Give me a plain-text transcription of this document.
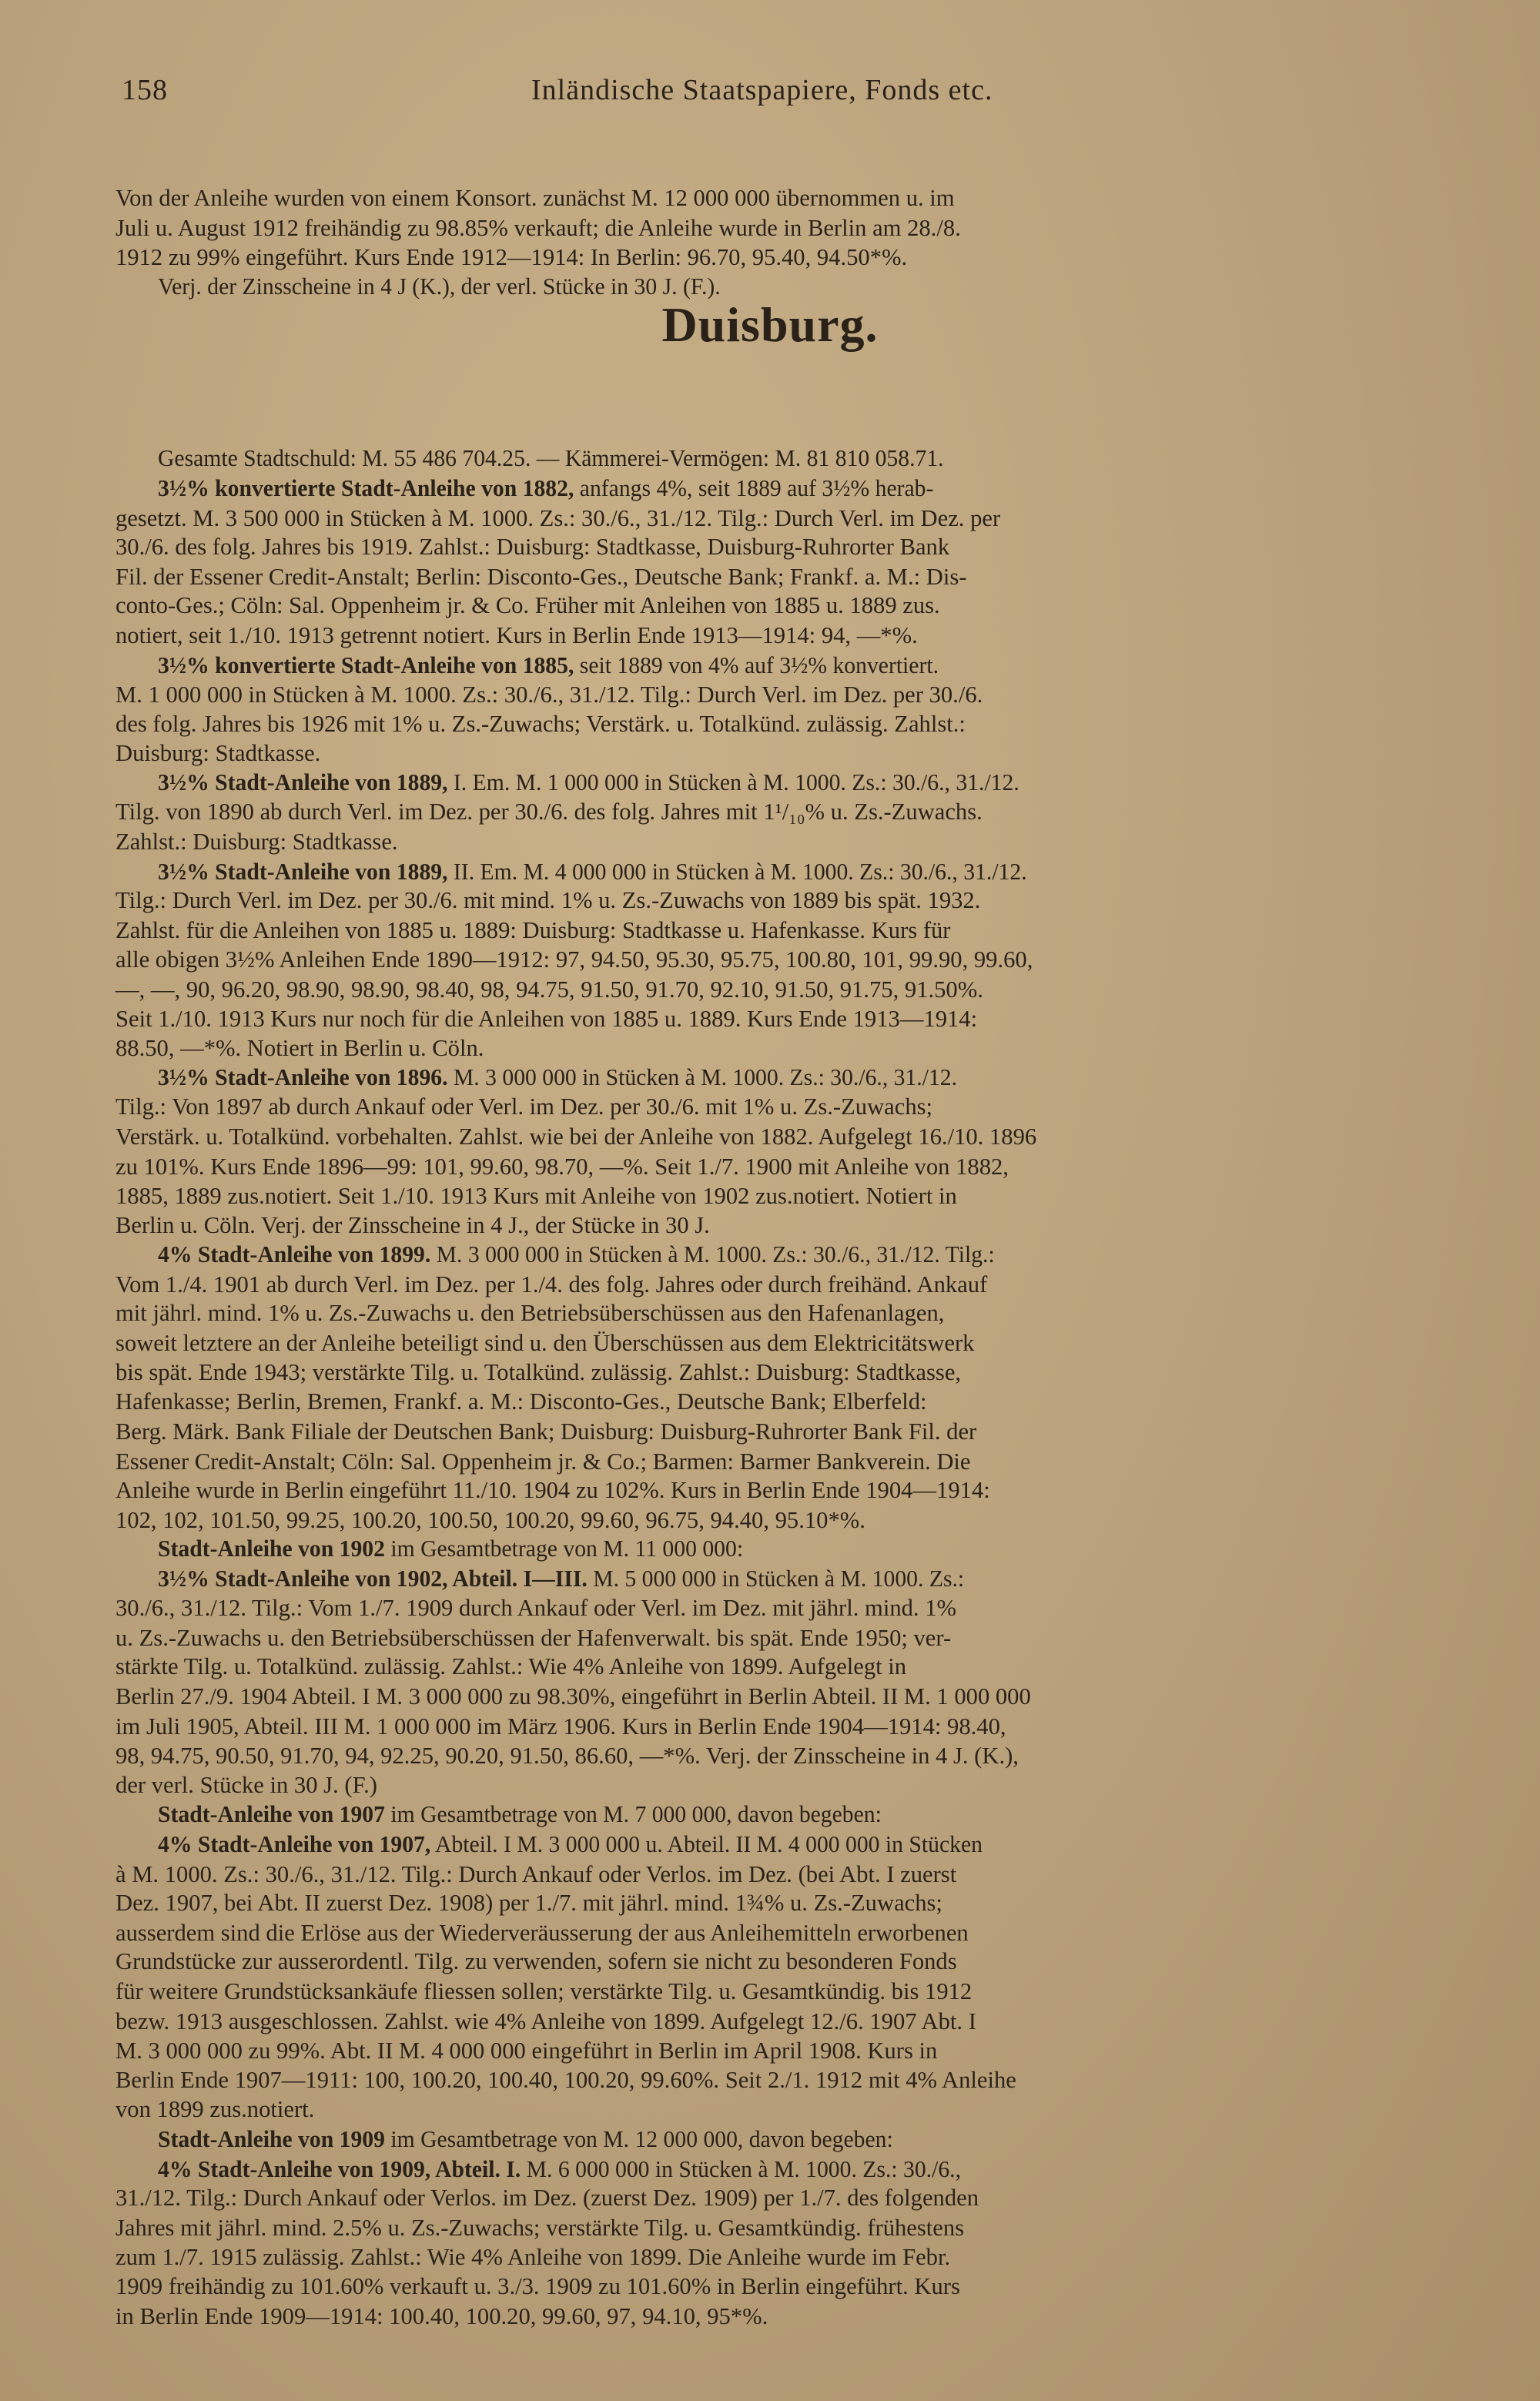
158	Inländische Staatspapiere, Fonds etc.
Duisburg.
Von der Anleihe wurden von einem Konsort. zunächst M. 12 000 000 übernommen u. im
Juli u. August 1912 freihändig zu 98.85% verkauft; die Anleihe wurde in Berlin am 28./8.
1912 zu 99% eingeführt. Kurs Ende 1912—1914: In Berlin: 96.70, 95.40, 94.50*%.
Verj. der Zinsscheine in 4 J (K.), der verl. Stücke in 30 J. (F.).
Gesamte Stadtschuld: M. 55 486 704.25. — Kämmerei-Vermögen: M. 81 810 058.71.
3½% konvertierte Stadt-Anleihe von 1882, anfangs 4%, seit 1889 auf 3½% herab-
gesetzt. M. 3 500 000 in Stücken à M. 1000. Zs.: 30./6., 31./12. Tilg.: Durch Verl. im Dez. per
30./6. des folg. Jahres bis 1919. Zahlst.: Duisburg: Stadtkasse, Duisburg-Ruhrorter Bank
Fil. der Essener Credit-Anstalt; Berlin: Disconto-Ges., Deutsche Bank; Frankf. a. M.: Dis-
conto-Ges.; Cöln: Sal. Oppenheim jr. & Co. Früher mit Anleihen von 1885 u. 1889 zus.
notiert, seit 1./10. 1913 getrennt notiert. Kurs in Berlin Ende 1913—1914: 94, —*%.
3½% konvertierte Stadt-Anleihe von 1885, seit 1889 von 4% auf 3½% konvertiert.
M. 1 000 000 in Stücken à M. 1000. Zs.: 30./6., 31./12. Tilg.: Durch Verl. im Dez. per 30./6.
des folg. Jahres bis 1926 mit 1% u. Zs.-Zuwachs; Verstärk. u. Totalkünd. zulässig. Zahlst.:
Duisburg: Stadtkasse.
3½% Stadt-Anleihe von 1889, I. Em. M. 1 000 000 in Stücken à M. 1000. Zs.: 30./6., 31./12.
Tilg. von 1890 ab durch Verl. im Dez. per 30./6. des folg. Jahres mit 1¹/₁₀% u. Zs.-Zuwachs.
Zahlst.: Duisburg: Stadtkasse.
3½% Stadt-Anleihe von 1889, II. Em. M. 4 000 000 in Stücken à M. 1000. Zs.: 30./6., 31./12.
Tilg.: Durch Verl. im Dez. per 30./6. mit mind. 1% u. Zs.-Zuwachs von 1889 bis spät. 1932.
Zahlst. für die Anleihen von 1885 u. 1889: Duisburg: Stadtkasse u. Hafenkasse. Kurs für
alle obigen 3½% Anleihen Ende 1890—1912: 97, 94.50, 95.30, 95.75, 100.80, 101, 99.90, 99.60,
—, —, 90, 96.20, 98.90, 98.90, 98.40, 98, 94.75, 91.50, 91.70, 92.10, 91.50, 91.75, 91.50%.
Seit 1./10. 1913 Kurs nur noch für die Anleihen von 1885 u. 1889. Kurs Ende 1913—1914:
88.50, —*%. Notiert in Berlin u. Cöln.
3½% Stadt-Anleihe von 1896. M. 3 000 000 in Stücken à M. 1000. Zs.: 30./6., 31./12.
Tilg.: Von 1897 ab durch Ankauf oder Verl. im Dez. per 30./6. mit 1% u. Zs.-Zuwachs;
Verstärk. u. Totalkünd. vorbehalten. Zahlst. wie bei der Anleihe von 1882. Aufgelegt 16./10. 1896
zu 101%. Kurs Ende 1896—99: 101, 99.60, 98.70, —%. Seit 1./7. 1900 mit Anleihe von 1882,
1885, 1889 zus.notiert. Seit 1./10. 1913 Kurs mit Anleihe von 1902 zus.notiert. Notiert in
Berlin u. Cöln. Verj. der Zinsscheine in 4 J., der Stücke in 30 J.
4% Stadt-Anleihe von 1899. M. 3 000 000 in Stücken à M. 1000. Zs.: 30./6., 31./12. Tilg.:
Vom 1./4. 1901 ab durch Verl. im Dez. per 1./4. des folg. Jahres oder durch freihänd. Ankauf
mit jährl. mind. 1% u. Zs.-Zuwachs u. den Betriebsüberschüssen aus den Hafenanlagen,
soweit letztere an der Anleihe beteiligt sind u. den Überschüssen aus dem Elektricitätswerk
bis spät. Ende 1943; verstärkte Tilg. u. Totalkünd. zulässig. Zahlst.: Duisburg: Stadtkasse,
Hafenkasse; Berlin, Bremen, Frankf. a. M.: Disconto-Ges., Deutsche Bank; Elberfeld:
Berg. Märk. Bank Filiale der Deutschen Bank; Duisburg: Duisburg-Ruhrorter Bank Fil. der
Essener Credit-Anstalt; Cöln: Sal. Oppenheim jr. & Co.; Barmen: Barmer Bankverein. Die
Anleihe wurde in Berlin eingeführt 11./10. 1904 zu 102%. Kurs in Berlin Ende 1904—1914:
102, 102, 101.50, 99.25, 100.20, 100.50, 100.20, 99.60, 96.75, 94.40, 95.10*%.
Stadt-Anleihe von 1902 im Gesamtbetrage von M. 11 000 000:
3½% Stadt-Anleihe von 1902, Abteil. I—III. M. 5 000 000 in Stücken à M. 1000. Zs.:
30./6., 31./12. Tilg.: Vom 1./7. 1909 durch Ankauf oder Verl. im Dez. mit jährl. mind. 1%
u. Zs.-Zuwachs u. den Betriebsüberschüssen der Hafenverwalt. bis spät. Ende 1950; ver-
stärkte Tilg. u. Totalkünd. zulässig. Zahlst.: Wie 4% Anleihe von 1899. Aufgelegt in
Berlin 27./9. 1904 Abteil. I M. 3 000 000 zu 98.30%, eingeführt in Berlin Abteil. II M. 1 000 000
im Juli 1905, Abteil. III M. 1 000 000 im März 1906. Kurs in Berlin Ende 1904—1914: 98.40,
98, 94.75, 90.50, 91.70, 94, 92.25, 90.20, 91.50, 86.60, —*%. Verj. der Zinsscheine in 4 J. (K.),
der verl. Stücke in 30 J. (F.)
Stadt-Anleihe von 1907 im Gesamtbetrage von M. 7 000 000, davon begeben:
4% Stadt-Anleihe von 1907, Abteil. I M. 3 000 000 u. Abteil. II M. 4 000 000 in Stücken
à M. 1000. Zs.: 30./6., 31./12. Tilg.: Durch Ankauf oder Verlos. im Dez. (bei Abt. I zuerst
Dez. 1907, bei Abt. II zuerst Dez. 1908) per 1./7. mit jährl. mind. 1¾% u. Zs.-Zuwachs;
ausserdem sind die Erlöse aus der Wiederveräusserung der aus Anleihemitteln erworbenen
Grundstücke zur ausserordentl. Tilg. zu verwenden, sofern sie nicht zu besonderen Fonds
für weitere Grundstücksankäufe fliessen sollen; verstärkte Tilg. u. Gesamtkündig. bis 1912
bezw. 1913 ausgeschlossen. Zahlst. wie 4% Anleihe von 1899. Aufgelegt 12./6. 1907 Abt. I
M. 3 000 000 zu 99%. Abt. II M. 4 000 000 eingeführt in Berlin im April 1908. Kurs in
Berlin Ende 1907—1911: 100, 100.20, 100.40, 100.20, 99.60%. Seit 2./1. 1912 mit 4% Anleihe
von 1899 zus.notiert.
Stadt-Anleihe von 1909 im Gesamtbetrage von M. 12 000 000, davon begeben:
4% Stadt-Anleihe von 1909, Abteil. I. M. 6 000 000 in Stücken à M. 1000. Zs.: 30./6.,
31./12. Tilg.: Durch Ankauf oder Verlos. im Dez. (zuerst Dez. 1909) per 1./7. des folgenden
Jahres mit jährl. mind. 2.5% u. Zs.-Zuwachs; verstärkte Tilg. u. Gesamtkündig. frühestens
zum 1./7. 1915 zulässig. Zahlst.: Wie 4% Anleihe von 1899. Die Anleihe wurde im Febr.
1909 freihändig zu 101.60% verkauft u. 3./3. 1909 zu 101.60% in Berlin eingeführt. Kurs
in Berlin Ende 1909—1914: 100.40, 100.20, 99.60, 97, 94.10, 95*%.
